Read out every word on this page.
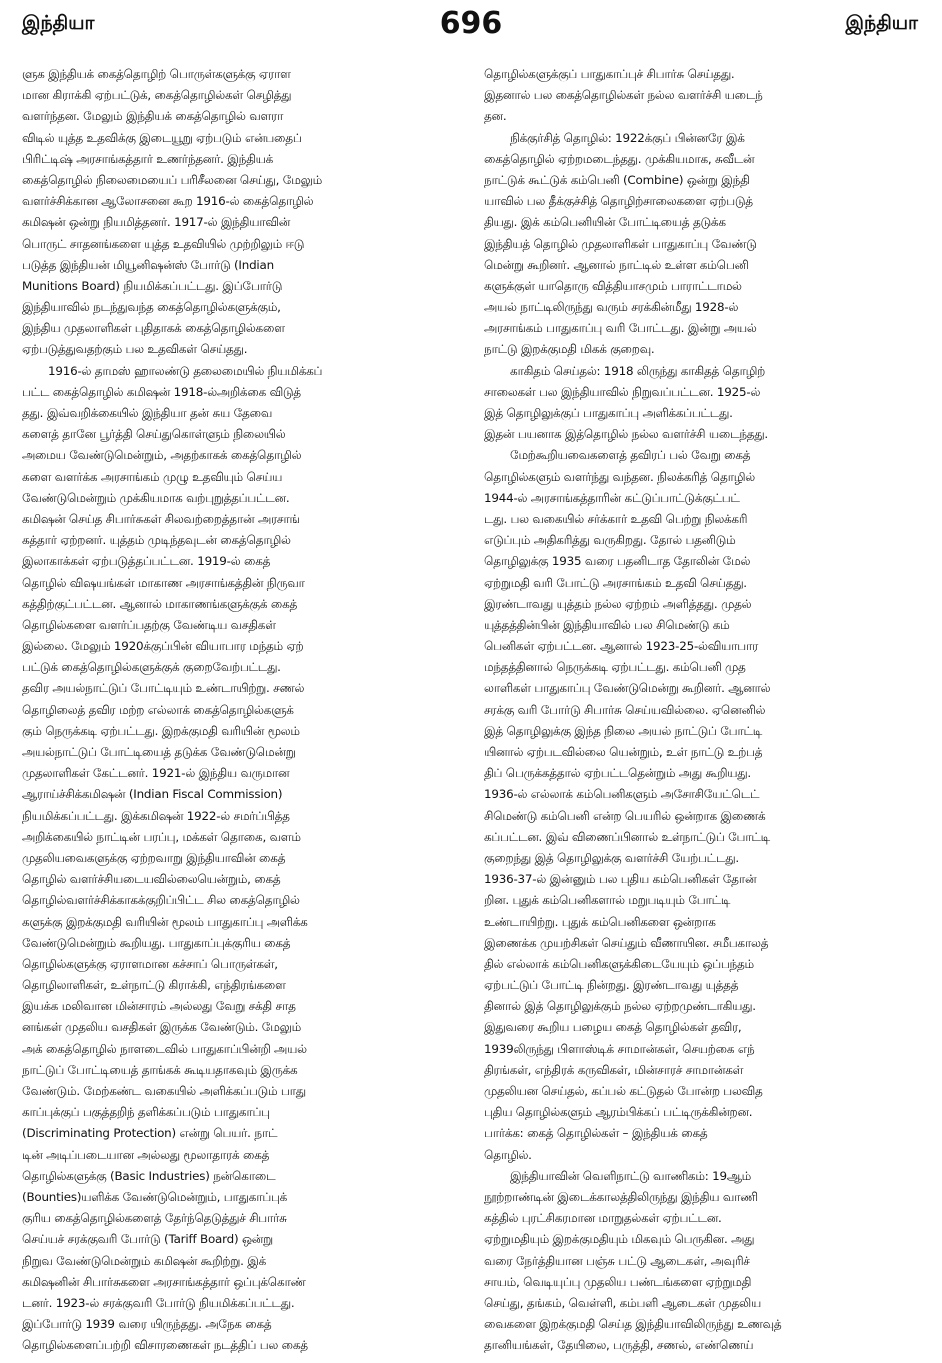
இந்தியா	696	இந்தியா
ளுக இந்தியக் கைத்தொழிற் பொருள்களுக்கு ஏராள
மான கிராக்கி ஏற்பட்டுக், கைத்தொழில்கள் செழித்து
வளர்ந்தன. மேலும் இந்தியக் கைத்தொழில் வளரா
விடில் யுத்த உதவிக்கு இடையூறு ஏற்படும் என்பதைப்
பிரிட்டிஷ் அரசாங்கத்தார் உணர்ந்தனர். இந்தியக்
கைத்தொழில் நிலைமையைப் பரிசீலனை செய்து, மேலும்
வளர்ச்சிக்கான ஆலோசனை கூற 1916-ல் கைத்தொழில்
கமிஷன் ஒன்று நியமித்தனர். 1917-ல் இந்தியாவின்
பொருட் சாதனங்களை யுத்த உதவியில் முற்றிலும் ஈடு
படுத்த இந்தியன் மியூனிஷன்ஸ் போர்டு (Indian
Munitions Board) நியமிக்கப்பட்டது. இப்போர்டு
இந்தியாவில் நடந்துவந்த கைத்தொழில்களுக்கும்,
இந்திய முதலாளிகள் புதிதாகக் கைத்தொழில்களை
ஏற்படுத்துவதற்கும் பல உதவிகள் செய்தது.
1916-ல் தாமஸ் ஹாலண்டு தலைமையில் நியமிக்கப்
பட்ட கைத்தொழில் கமிஷன் 1918-ல்அறிக்கை விடுத்
தது. இவ்வறிக்கையில் இந்தியா தன் சுய தேவை
களைத் தானே பூர்த்தி செய்துகொள்ளும் நிலையில்
அமைய வேண்டுமென்றும், அதற்காகக் கைத்தொழில்
களை வளர்க்க அரசாங்கம் முழு உதவியும் செய்ய
வேண்டுமென்றும் முக்கியமாக வற்புறுத்தப்பட்டன.
கமிஷன் செய்த சிபார்சுகள் சிலவற்றைத்தான் அரசாங்
கத்தார் ஏற்றனர். யுத்தம் முடிந்தவுடன் கைத்தொழில்
இலாகாக்கள் ஏற்படுத்தப்பட்டன. 1919-ல் கைத்
தொழில் விஷயங்கள் மாகாண அரசாங்கத்தின் நிருவா
கத்திற்குட்பட்டன. ஆனால் மாகாணங்களுக்குக் கைத்
தொழில்களை வளர்ப்பதற்கு வேண்டிய வசதிகள்
இல்லை. மேலும் 1920க்குப்பின் வியாபார மந்தம் ஏற்
பட்டுக் கைத்தொழில்களுக்குக் குறைவேற்பட்டது.
தவிர அயல்நாட்டுப் போட்டியும் உண்டாயிற்று. சணல்
தொழிலைத் தவிர மற்ற எல்லாக் கைத்தொழில்களுக்
கும் நெருக்கடி ஏற்பட்டது. இறக்குமதி வரியின் மூலம்
அயல்நாட்டுப் போட்டியைத் தடுக்க வேண்டுமென்று
முதலாளிகள் கேட்டனர். 1921-ல் இந்திய வருமான
ஆராய்ச்சிக்கமிஷன் (Indian Fiscal Commission)
நியமிக்கப்பட்டது. இக்கமிஷன் 1922-ல் சமர்ப்பித்த
அறிக்கையில் நாட்டின் பரப்பு, மக்கள் தொகை, வளம்
முதலியவைகளுக்கு ஏற்றவாறு இந்தியாவின் கைத்
தொழில் வளர்ச்சியடையவில்லையென்றும், கைத்
தொழில்வளர்ச்சிக்காகக்குறிப்பிட்ட சில கைத்தொழில்
களுக்கு இறக்குமதி வரியின் மூலம் பாதுகாப்பு அளிக்க
வேண்டுமென்றும் கூறியது. பாதுகாப்புக்குரிய கைத்
தொழில்களுக்கு ஏராளமான கச்சாப் பொருள்கள்,
தொழிலாளிகள், உள்நாட்டு கிராக்கி, எந்திரங்களை
இயக்க மலிவான மின்சாரம் அல்லது வேறு சக்தி சாத
னங்கள் முதலிய வசதிகள் இருக்க வேண்டும். மேலும்
அக் கைத்தொழில் நாளடைவில் பாதுகாப்பின்றி அயல்
நாட்டுப் போட்டியைத் தாங்கக் கூடியதாகவும் இருக்க
வேண்டும். மேற்கண்ட வகையில் அளிக்கப்படும் பாது
காப்புக்குப் பகுத்தறிந் தளிக்கப்படும் பாதுகாப்பு
(Discriminating Protection) என்று பெயர். நாட்
டின் அடிப்படையான அல்லது மூலாதாரக் கைத்
தொழில்களுக்கு (Basic Industries) நன்கொடை
(Bounties)யளிக்க வேண்டுமென்றும், பாதுகாப்புக்
குரிய கைத்தொழில்களைத் தேர்ந்தெடுத்துச் சிபார்சு
செய்யச் சரக்குவரி போர்டு (Tariff Board) ஒன்று
நிறுவ வேண்டுமென்றும் கமிஷன் கூறிற்று. இக்
கமிஷனின் சிபார்சுகளை அரசாங்கத்தார் ஒப்புக்கொண்
டனர். 1923-ல் சரக்குவரி போர்டு நியமிக்கப்பட்டது.
இப்போர்டு 1939 வரை யிருந்தது. அநேக கைத்
தொழில்களைப்பற்றி விசாரணைகள் நடத்திப் பல கைத்
தொழில்களுக்குப் பாதுகாப்புச் சிபார்சு செய்தது.
இதனால் பல கைத்தொழில்கள் நல்ல வளர்ச்சி யடைந்
தன.
நிக்குர்சித் தொழில்: 1922க்குப் பின்னரே இக்
கைத்தொழில் ஏற்றமடைந்தது. முக்கியமாக, சுவீடன்
நாட்டுக் கூட்டுக் கம்பெனி (Combine) ஒன்று இந்தி
யாவில் பல தீக்குச்சித் தொழிற்சாலைகளை ஏற்படுத்
தியது. இக் கம்பெனியின் போட்டியைத் தடுக்க
இந்தியத் தொழில் முதலாளிகள் பாதுகாப்பு வேண்டு
மென்று கூறினர். ஆனால் நாட்டில் உள்ள கம்பெனி
களுக்குள் யாதொரு வித்தியாசமும் பாராட்டாமல்
அயல் நாட்டிலிருந்து வரும் சரக்கின்மீது 1928-ல்
அரசாங்கம் பாதுகாப்பு வரி போட்டது. இன்று அயல்
நாட்டு இறக்குமதி மிகக் குறைவு.
காகிதம் செய்தல்: 1918 லிருந்து காகிதத் தொழிற்
சாலைகள் பல இந்தியாவில் நிறுவப்பட்டன. 1925-ல்
இத் தொழிலுக்குப் பாதுகாப்பு அளிக்கப்பட்டது.
இதன் பயனாக இத்தொழில் நல்ல வளர்ச்சி யடைந்தது.
மேற்கூறியவைகளைத் தவிரப் பல் வேறு கைத்
தொழில்களும் வளர்ந்து வந்தன. நிலக்கரித் தொழில்
1944-ல் அரசாங்கத்தாரின் கட்டுப்பாட்டுக்குட்பட்
டது. பல வகையில் சர்க்கார் உதவி பெற்று நிலக்கரி
எடுப்பும் அதிகரித்து வருகிறது. தோல் பதனிடும்
தொழிலுக்கு 1935 வரை பதனிடாத தோலின் மேல்
ஏற்றுமதி வரி போட்டு அரசாங்கம் உதவி செய்தது.
இரண்டாவது யுத்தம் நல்ல ஏற்றம் அளித்தது. முதல்
யுத்தத்தின்பின் இந்தியாவில் பல சிமெண்டு கம்
பெனிகள் ஏற்பட்டன. ஆனால் 1923-25-ல்வியாபார
மந்தத்தினால் நெருக்கடி ஏற்பட்டது. கம்பெனி முத
லாளிகள் பாதுகாப்பு வேண்டுமென்று கூறினர். ஆனால்
சரக்கு வரி போர்டு சிபார்சு செய்யவில்லை. ஏனெனில்
இத் தொழிலுக்கு இந்த நிலை அயல் நாட்டுப் போட்டி
யினால் ஏற்படவில்லை யென்றும், உள் நாட்டு உற்பத்
திப் பெருக்கத்தால் ஏற்பட்டதென்றும் அது கூறியது.
1936-ல் எல்லாக் கம்பெனிகளும் அசோசியேட்டெட்
சிமெண்டு கம்பெனி என்ற பெயரில் ஒன்றாக இணைக்
கப்பட்டன. இவ் விணைப்பினால் உள்நாட்டுப் போட்டி
குறைந்து இத் தொழிலுக்கு வளர்ச்சி யேற்பட்டது.
1936-37-ல் இன்னும் பல புதிய கம்பெனிகள் தோன்
றின. புதுக் கம்பெனிகளால் மறுபடியும் போட்டி
உண்டாயிற்று. புதுக் கம்பெனிகளை ஒன்றாக
இணைக்க முயற்சிகள் செய்தும் வீணாயின. சமீபகாலத்
தில் எல்லாக் கம்பெனிகளுக்கிடையேயும் ஒப்பந்தம்
ஏற்பட்டுப் போட்டி நின்றது. இரண்டாவது யுத்தத்
தினால் இத் தொழிலுக்கும் நல்ல ஏற்றமுண்டாகியது.
இதுவரை கூறிய பழைய கைத் தொழில்கள் தவிர,
1939லிருந்து பிளாஸ்டிக் சாமான்கள், செயற்கை எந்
திரங்கள், எந்திரக் கருவிகள், மின்சாரச் சாமான்கள்
முதலியன செய்தல், கப்பல் கட்டுதல் போன்ற பலவித
புதிய தொழில்களும் ஆரம்பிக்கப் பட்டிருக்கின்றன.
பார்க்க: கைத் தொழில்கள் – இந்தியக் கைத்
தொழில்.
இந்தியாவின் வெளிநாட்டு வாணிகம்: 19ஆம்
நூற்றாண்டின் இடைக்காலத்திலிருந்து இந்திய வாணி
கத்தில் புரட்சிகரமான மாறுதல்கள் ஏற்பட்டன.
ஏற்றுமதியும் இறக்குமதியும் மிகவும் பெருகின. அது
வரை நேர்த்தியான பஞ்சு பட்டு ஆடைகள், அவுரிச்
சாயம், வெடியுப்பு முதலிய பண்டங்களை ஏற்றுமதி
செய்து, தங்கம், வெள்ளி, கம்பளி ஆடைகள் முதலிய
வைகளை இறக்குமதி செய்த இந்தியாவிலிருந்து உணவுத்
தானியங்கள், தேயிலை, பருத்தி, சணல், எண்ணெய்
